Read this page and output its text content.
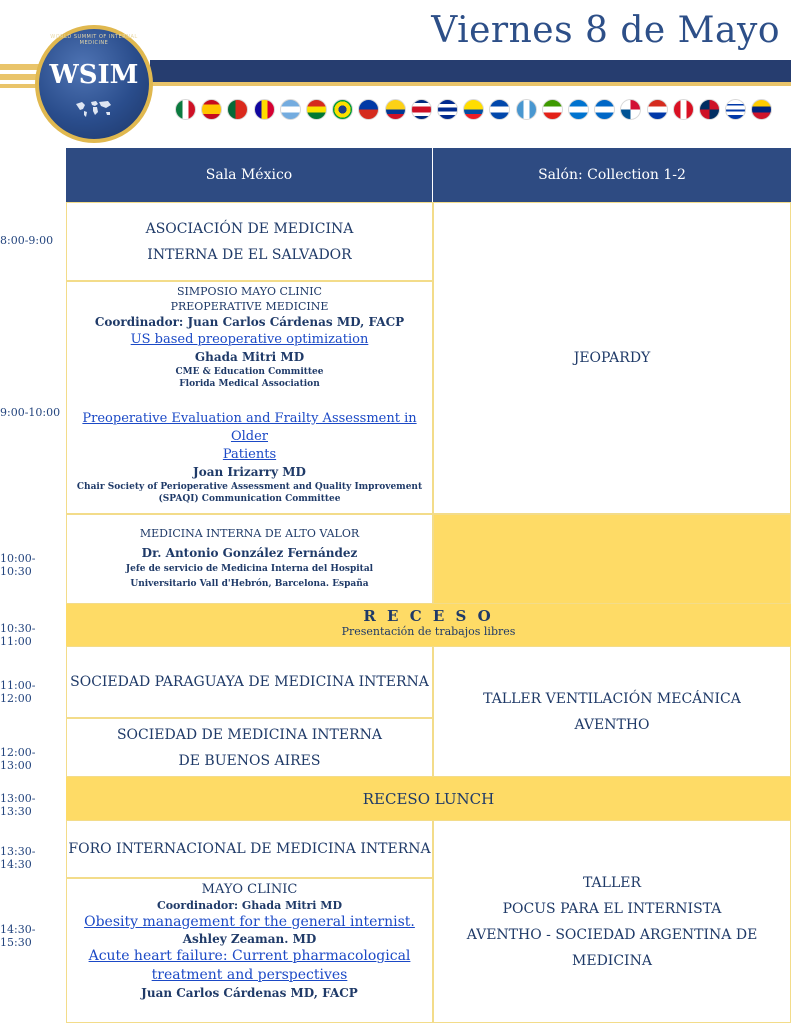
Viernes 8 de Mayo
WORLD SUMMIT OF INTERNAL MEDICINE
WSIM
Sala México	Salón: Collection 1-2
8:00-9:00
9:00-10:00
10:00-10:30
10:30-11:00
11:00-12:00
12:00-13:00
13:00-13:30
13:30-14:30
14:30-15:30
ASOCIACIÓN DE MEDICINA
INTERNA DE EL SALVADOR
SIMPOSIO MAYO CLINIC
PREOPERATIVE MEDICINE
Coordinador: Juan Carlos Cárdenas MD, FACP
US based preoperative optimization
Ghada Mitri MD
CME & Education Committee
Florida Medical Association
Preoperative Evaluation and Frailty Assessment in Older
Patients
Joan Irizarry MD
Chair Society of Perioperative Assessment and Quality Improvement
(SPAQI) Communication Committee
MEDICINA INTERNA DE ALTO VALOR
Dr. Antonio González Fernández
Jefe de servicio de Medicina Interna del Hospital
Universitario Vall d'Hebrón, Barcelona. España
JEOPARDY
R E C E S O
Presentación de trabajos libres
SOCIEDAD PARAGUAYA DE MEDICINA INTERNA
SOCIEDAD DE MEDICINA INTERNA
DE BUENOS AIRES
TALLER VENTILACIÓN MECÁNICA
AVENTHO
RECESO LUNCH
FORO INTERNACIONAL DE MEDICINA INTERNA
MAYO CLINIC
Coordinador: Ghada Mitri MD
Obesity management for the general internist.
Ashley Zeaman. MD
Acute heart failure: Current pharmacological
treatment and perspectives
Juan Carlos Cárdenas MD, FACP
TALLER
POCUS PARA EL INTERNISTA
AVENTHO - SOCIEDAD ARGENTINA DE
MEDICINA
